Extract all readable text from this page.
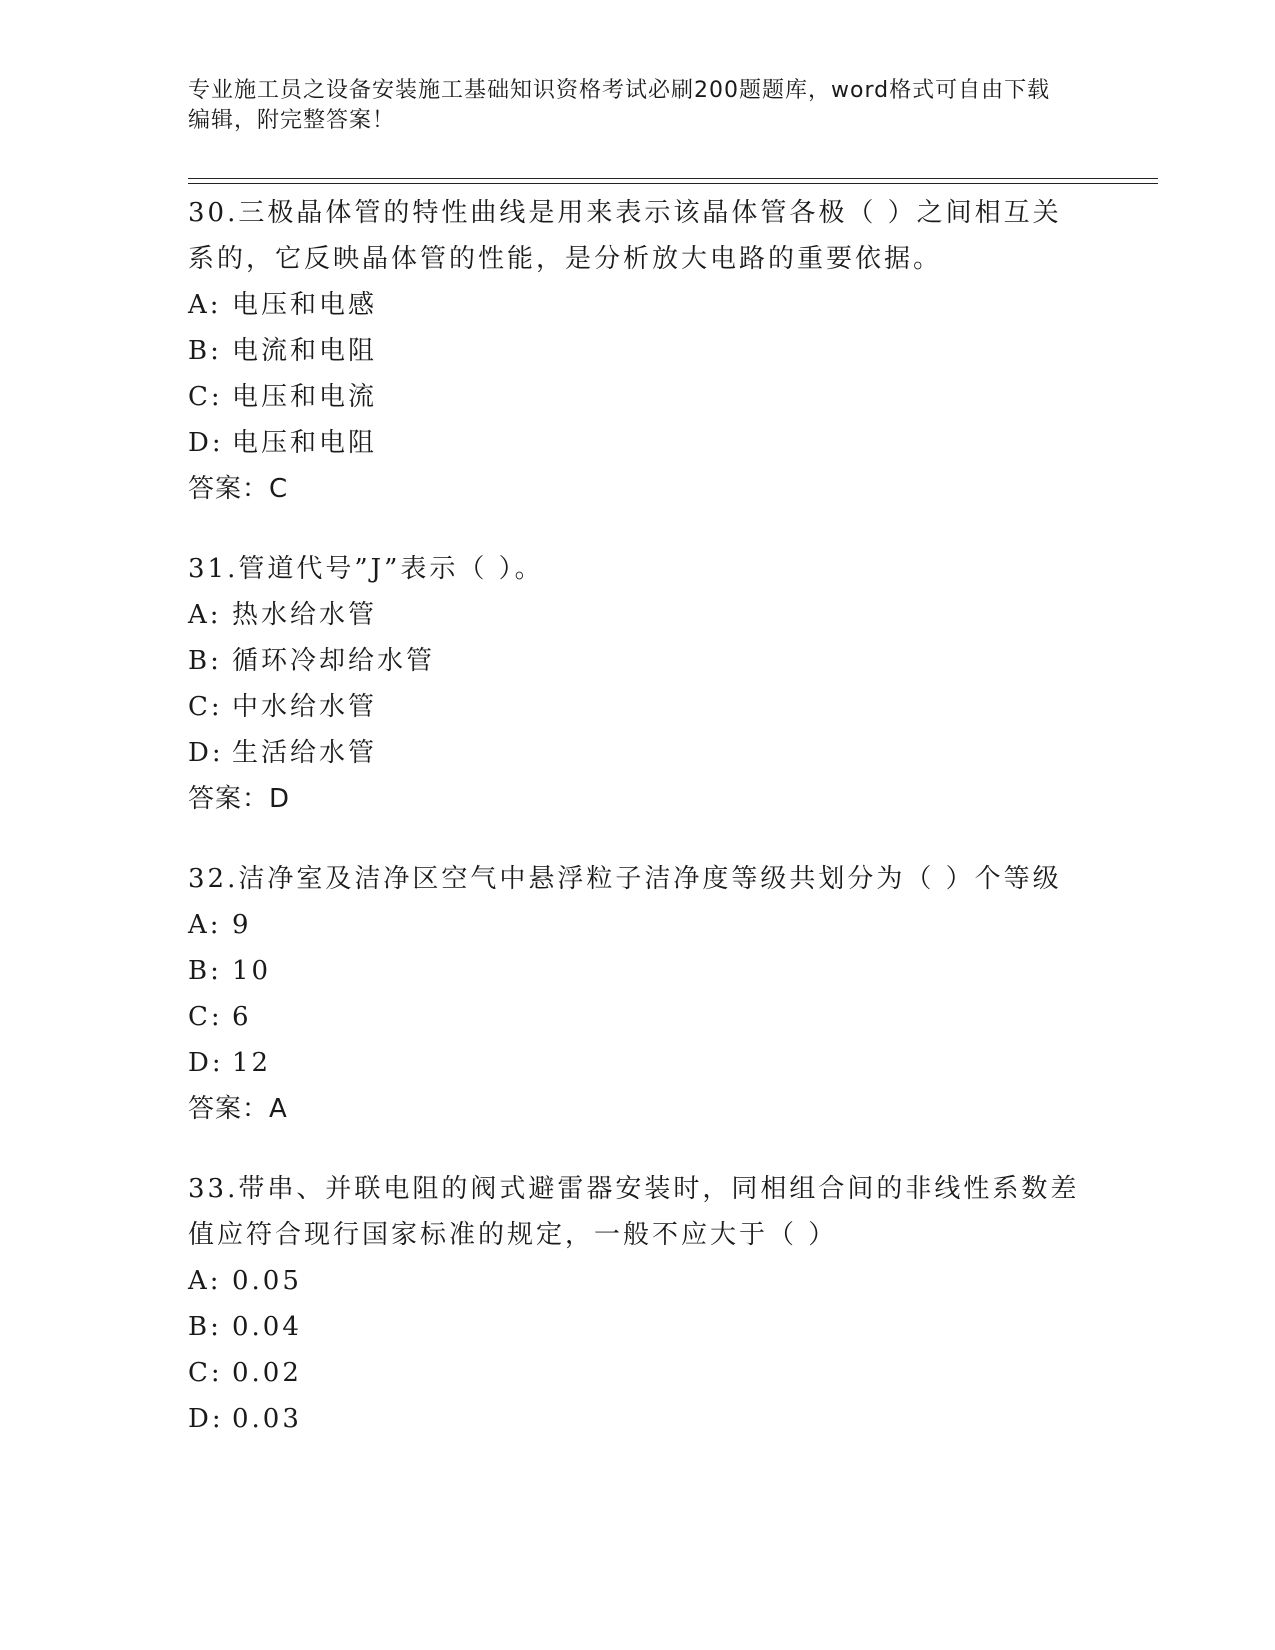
专业施工员之设备安装施工基础知识资格考试必刷200题题库，word格式可自由下载编辑，附完整答案！

30.三极晶体管的特性曲线是用来表示该晶体管各极（ ）之间相互关系的，它反映晶体管的性能，是分析放大电路的重要依据。

A: 电压和电感

B: 电流和电阻

C: 电压和电流

D: 电压和电阻

答案：C

31.管道代号”J”表示（ ）。

A: 热水给水管

B: 循环冷却给水管

C: 中水给水管

D: 生活给水管

答案：D

32.洁净室及洁净区空气中悬浮粒子洁净度等级共划分为（ ）个等级

A: 9

B: 10

C: 6

D: 12

答案：A

33.带串、并联电阻的阀式避雷器安装时，同相组合间的非线性系数差值应符合现行国家标准的规定，一般不应大于（ ）

A: 0.05

B: 0.04

C: 0.02

D: 0.03
